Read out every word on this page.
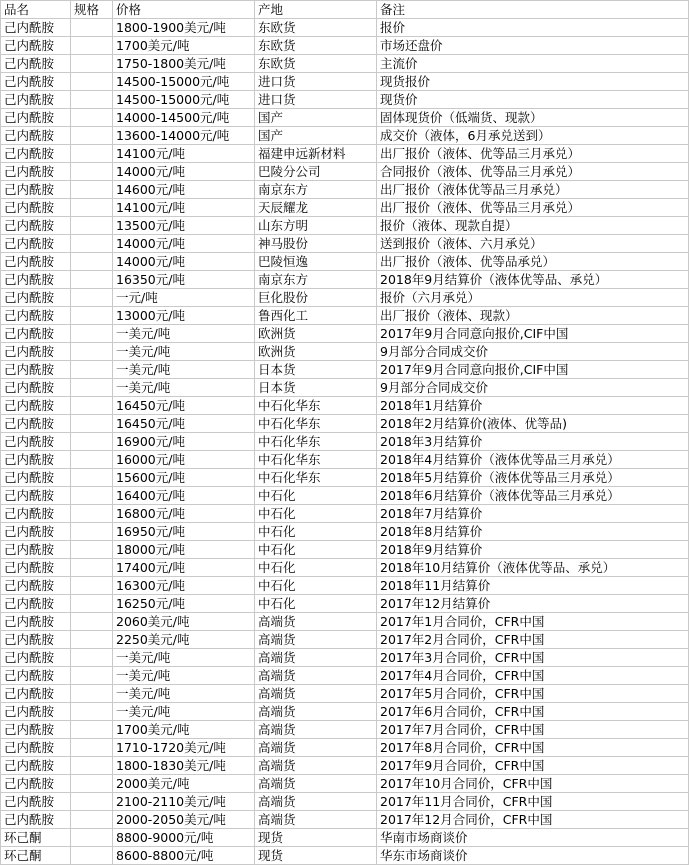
品名	规格	价格	产地	备注
己内酰胺		1800-1900美元/吨	东欧货	报价
己内酰胺		1700美元/吨	东欧货	市场还盘价
己内酰胺		1750-1800美元/吨	东欧货	主流价
己内酰胺		14500-15000元/吨	进口货	现货报价
己内酰胺		14500-15000元/吨	进口货	现货价
己内酰胺		14000-14500元/吨	国产	固体现货价（低端货、现款）
己内酰胺		13600-14000元/吨	国产	成交价（液体，6月承兑送到）
己内酰胺		14100元/吨	福建申远新材料	出厂报价（液体、优等品三月承兑）
己内酰胺		14000元/吨	巴陵分公司	合同报价（液体、优等品三月承兑）
己内酰胺		14600元/吨	南京东方	出厂报价（液体优等品三月承兑）
己内酰胺		14100元/吨	天辰耀龙	出厂报价（液体、优等品三月承兑）
己内酰胺		13500元/吨	山东方明	报价（液体、现款自提）
己内酰胺		14000元/吨	神马股份	送到报价（液体、六月承兑）
己内酰胺		14000元/吨	巴陵恒逸	出厂报价（液体、优等品承兑）
己内酰胺		16350元/吨	南京东方	2018年9月结算价（液体优等品、承兑）
己内酰胺		一元/吨	巨化股份	报价（六月承兑）
己内酰胺		13000元/吨	鲁西化工	出厂报价（液体、现款）
己内酰胺		一美元/吨	欧洲货	2017年9月合同意向报价,CIF中国
己内酰胺		一美元/吨	欧洲货	9月部分合同成交价
己内酰胺		一美元/吨	日本货	2017年9月合同意向报价,CIF中国
己内酰胺		一美元/吨	日本货	9月部分合同成交价
己内酰胺		16450元/吨	中石化华东	2018年1月结算价
己内酰胺		16450元/吨	中石化华东	2018年2月结算价(液体、优等品)
己内酰胺		16900元/吨	中石化华东	2018年3月结算价
己内酰胺		16000元/吨	中石化华东	2018年4月结算价（液体优等品三月承兑）
己内酰胺		15600元/吨	中石化华东	2018年5月结算价（液体优等品三月承兑）
己内酰胺		16400元/吨	中石化	2018年6月结算价（液体优等品三月承兑）
己内酰胺		16800元/吨	中石化	2018年7月结算价
己内酰胺		16950元/吨	中石化	2018年8月结算价
己内酰胺		18000元/吨	中石化	2018年9月结算价
己内酰胺		17400元/吨	中石化	2018年10月结算价（液体优等品、承兑）
己内酰胺		16300元/吨	中石化	2018年11月结算价
己内酰胺		16250元/吨	中石化	2017年12月结算价
己内酰胺		2060美元/吨	高端货	2017年1月合同价，CFR中国
己内酰胺		2250美元/吨	高端货	2017年2月合同价，CFR中国
己内酰胺		一美元/吨	高端货	2017年3月合同价，CFR中国
己内酰胺		一美元/吨	高端货	2017年4月合同价，CFR中国
己内酰胺		一美元/吨	高端货	2017年5月合同价，CFR中国
己内酰胺		一美元/吨	高端货	2017年6月合同价，CFR中国
己内酰胺		1700美元/吨	高端货	2017年7月合同价，CFR中国
己内酰胺		1710-1720美元/吨	高端货	2017年8月合同价，CFR中国
己内酰胺		1800-1830美元/吨	高端货	2017年9月合同价，CFR中国
己内酰胺		2000美元/吨	高端货	2017年10月合同价，CFR中国
己内酰胺		2100-2110美元/吨	高端货	2017年11月合同价，CFR中国
己内酰胺		2000-2050美元/吨	高端货	2017年12月合同价，CFR中国
环己酮		8800-9000元/吨	现货	华南市场商谈价
环己酮		8600-8800元/吨	现货	华东市场商谈价
